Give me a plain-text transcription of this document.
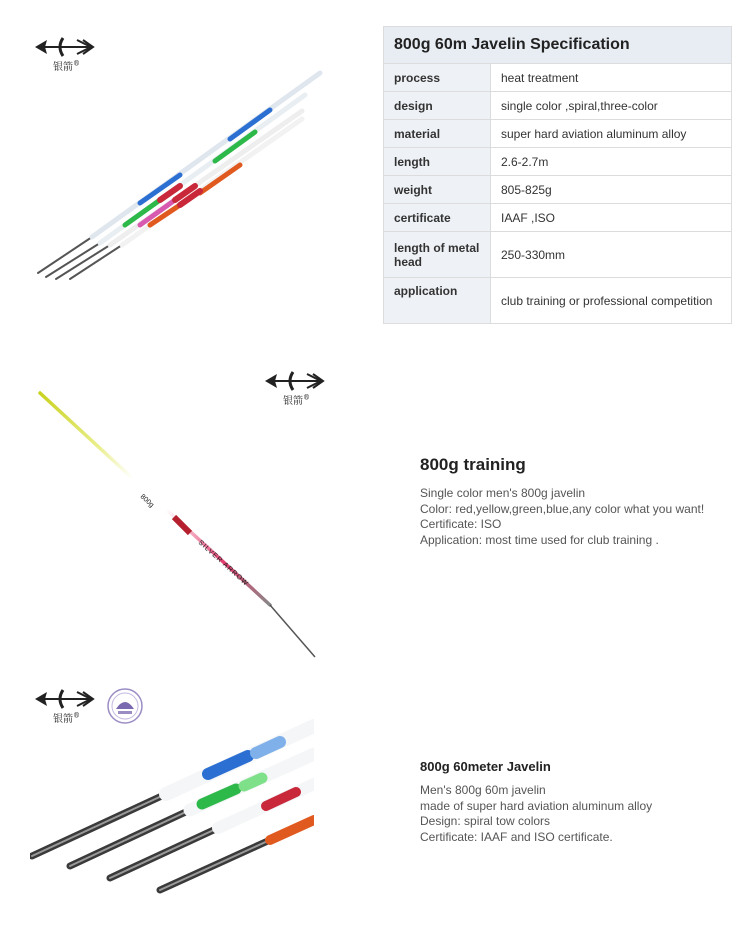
银箭®
800g 60m Javelin Specification	
process	heat treatment
design	single color ,spiral,three-color
material	super hard aviation aluminum alloy
length	2.6-2.7m
weight	805-825g
certificate	IAAF ,ISO
length of metal head	250-330mm
application	club training or professional competition
银箭®
800g
SILVER ARROW
800g training
Single color men's 800g javelin
Color: red,yellow,green,blue,any color what you want!
Certificate: ISO
Application: most time used for club training .
银箭®
800g 60meter Javelin
Men's 800g 60m javelin
made of super hard aviation aluminum alloy
Design: spiral tow colors
Certificate: IAAF and ISO certificate.
